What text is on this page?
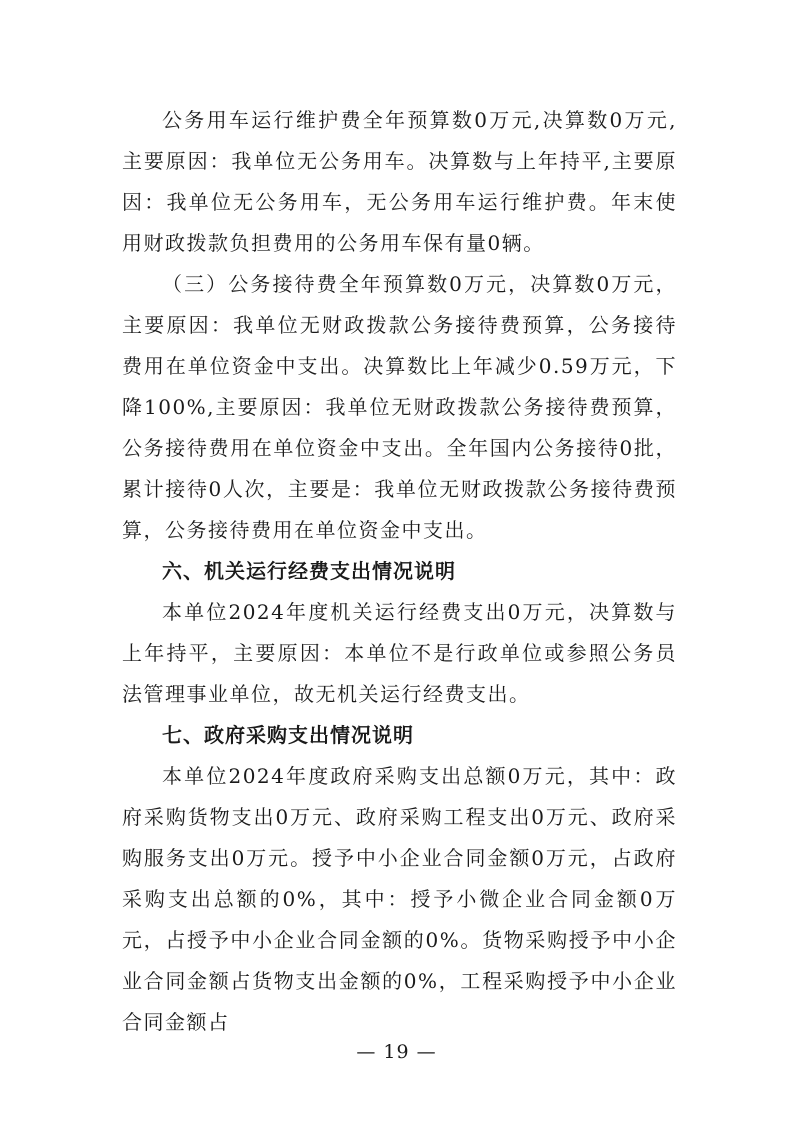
公务用车运行维护费全年预算数0万元,决算数0万元,主要原因：我单位无公务用车。决算数与上年持平,主要原因：我单位无公务用车，无公务用车运行维护费。年末使用财政拨款负担费用的公务用车保有量0辆。

（三）公务接待费全年预算数0万元，决算数0万元，主要原因：我单位无财政拨款公务接待费预算，公务接待费用在单位资金中支出。决算数比上年减少0.59万元，下降100%,主要原因：我单位无财政拨款公务接待费预算，公务接待费用在单位资金中支出。全年国内公务接待0批，累计接待0人次，主要是：我单位无财政拨款公务接待费预算，公务接待费用在单位资金中支出。

六、机关运行经费支出情况说明

本单位2024年度机关运行经费支出0万元，决算数与上年持平，主要原因：本单位不是行政单位或参照公务员法管理事业单位，故无机关运行经费支出。

七、政府采购支出情况说明

本单位2024年度政府采购支出总额0万元，其中：政府采购货物支出0万元、政府采购工程支出0万元、政府采购服务支出0万元。授予中小企业合同金额0万元，占政府采购支出总额的0%，其中：授予小微企业合同金额0万元，占授予中小企业合同金额的0%。货物采购授予中小企业合同金额占货物支出金额的0%，工程采购授予中小企业合同金额占

— 19 —
